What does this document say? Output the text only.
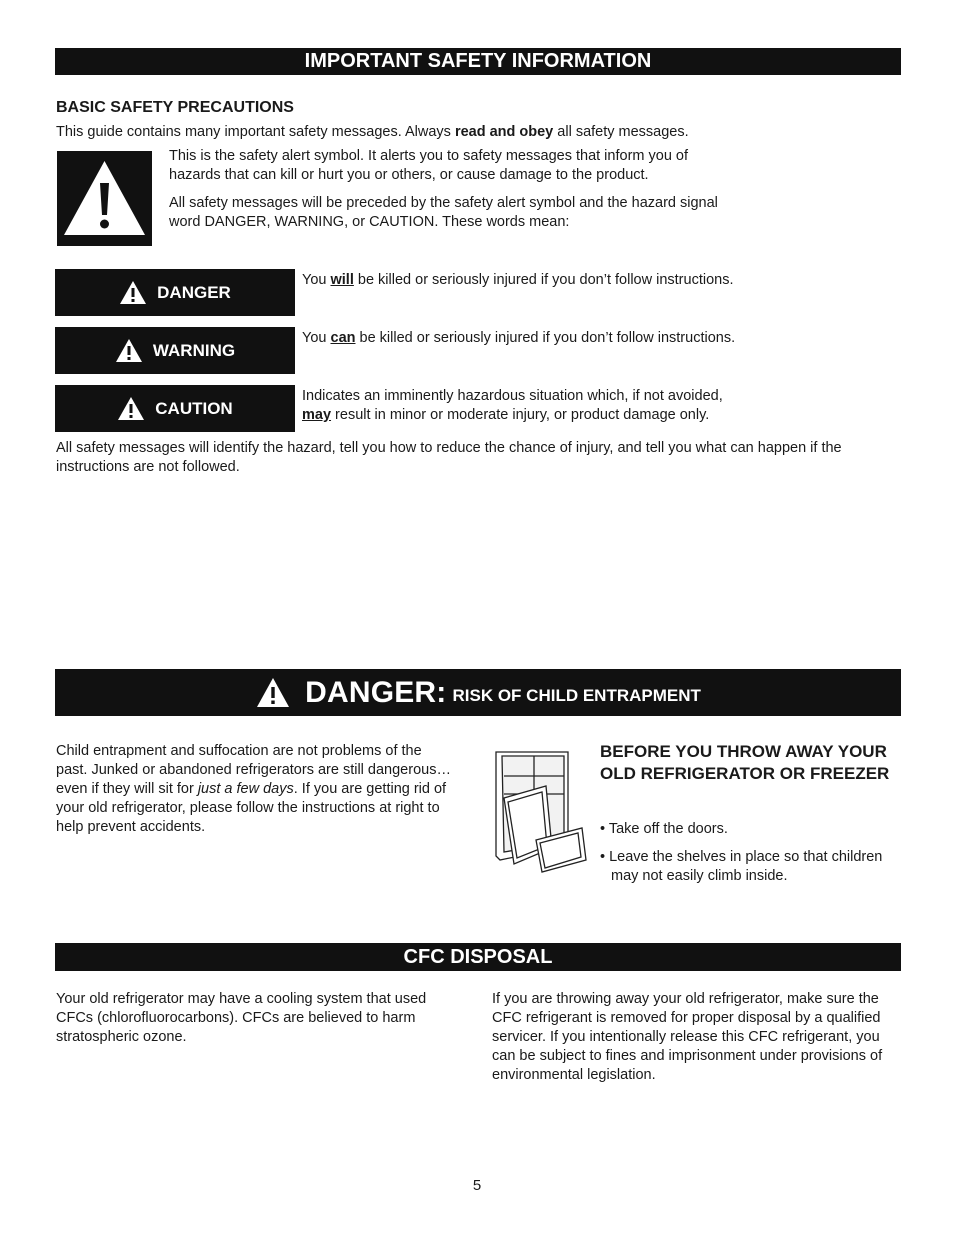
IMPORTANT SAFETY INFORMATION
BASIC SAFETY PRECAUTIONS

This guide contains many important safety messages. Always read and obey all safety messages.

This is the safety alert symbol. It alerts you to safety messages that inform you of hazards that can kill or hurt you or others, or cause damage to the product.

All safety messages will be preceded by the safety alert symbol and the hazard signal word DANGER, WARNING, or CAUTION. These words mean:

DANGER

You will be killed or seriously injured if you don’t follow instructions.

WARNING

You can be killed or seriously injured if you don’t follow instructions.

CAUTION

Indicates an imminently hazardous situation which, if not avoided,
may result in minor or moderate injury, or product damage only.

All safety messages will identify the hazard, tell you how to reduce the chance of injury, and tell you what can happen if the instructions are not followed.

DANGER: RISK OF CHILD ENTRAPMENT

Child entrapment and suffocation are not problems of the past. Junked or abandoned refrigerators are still dangerous…even if they will sit for just a few days. If you are getting rid of your old refrigerator, please follow the instructions at right to help prevent accidents.

BEFORE YOU THROW AWAY YOUR OLD REFRIGERATOR OR FREEZER

• Take off the doors.

• Leave the shelves in place so that children may not easily climb inside.

CFC DISPOSAL

Your old refrigerator may have a cooling system that used CFCs (chlorofluorocarbons). CFCs are believed to harm stratospheric ozone.

If you are throwing away your old refrigerator, make sure the CFC refrigerant is removed for proper disposal by a qualified servicer. If you intentionally release this CFC refrigerant, you can be subject to fines and imprisonment under provisions of environmental legislation.

5
